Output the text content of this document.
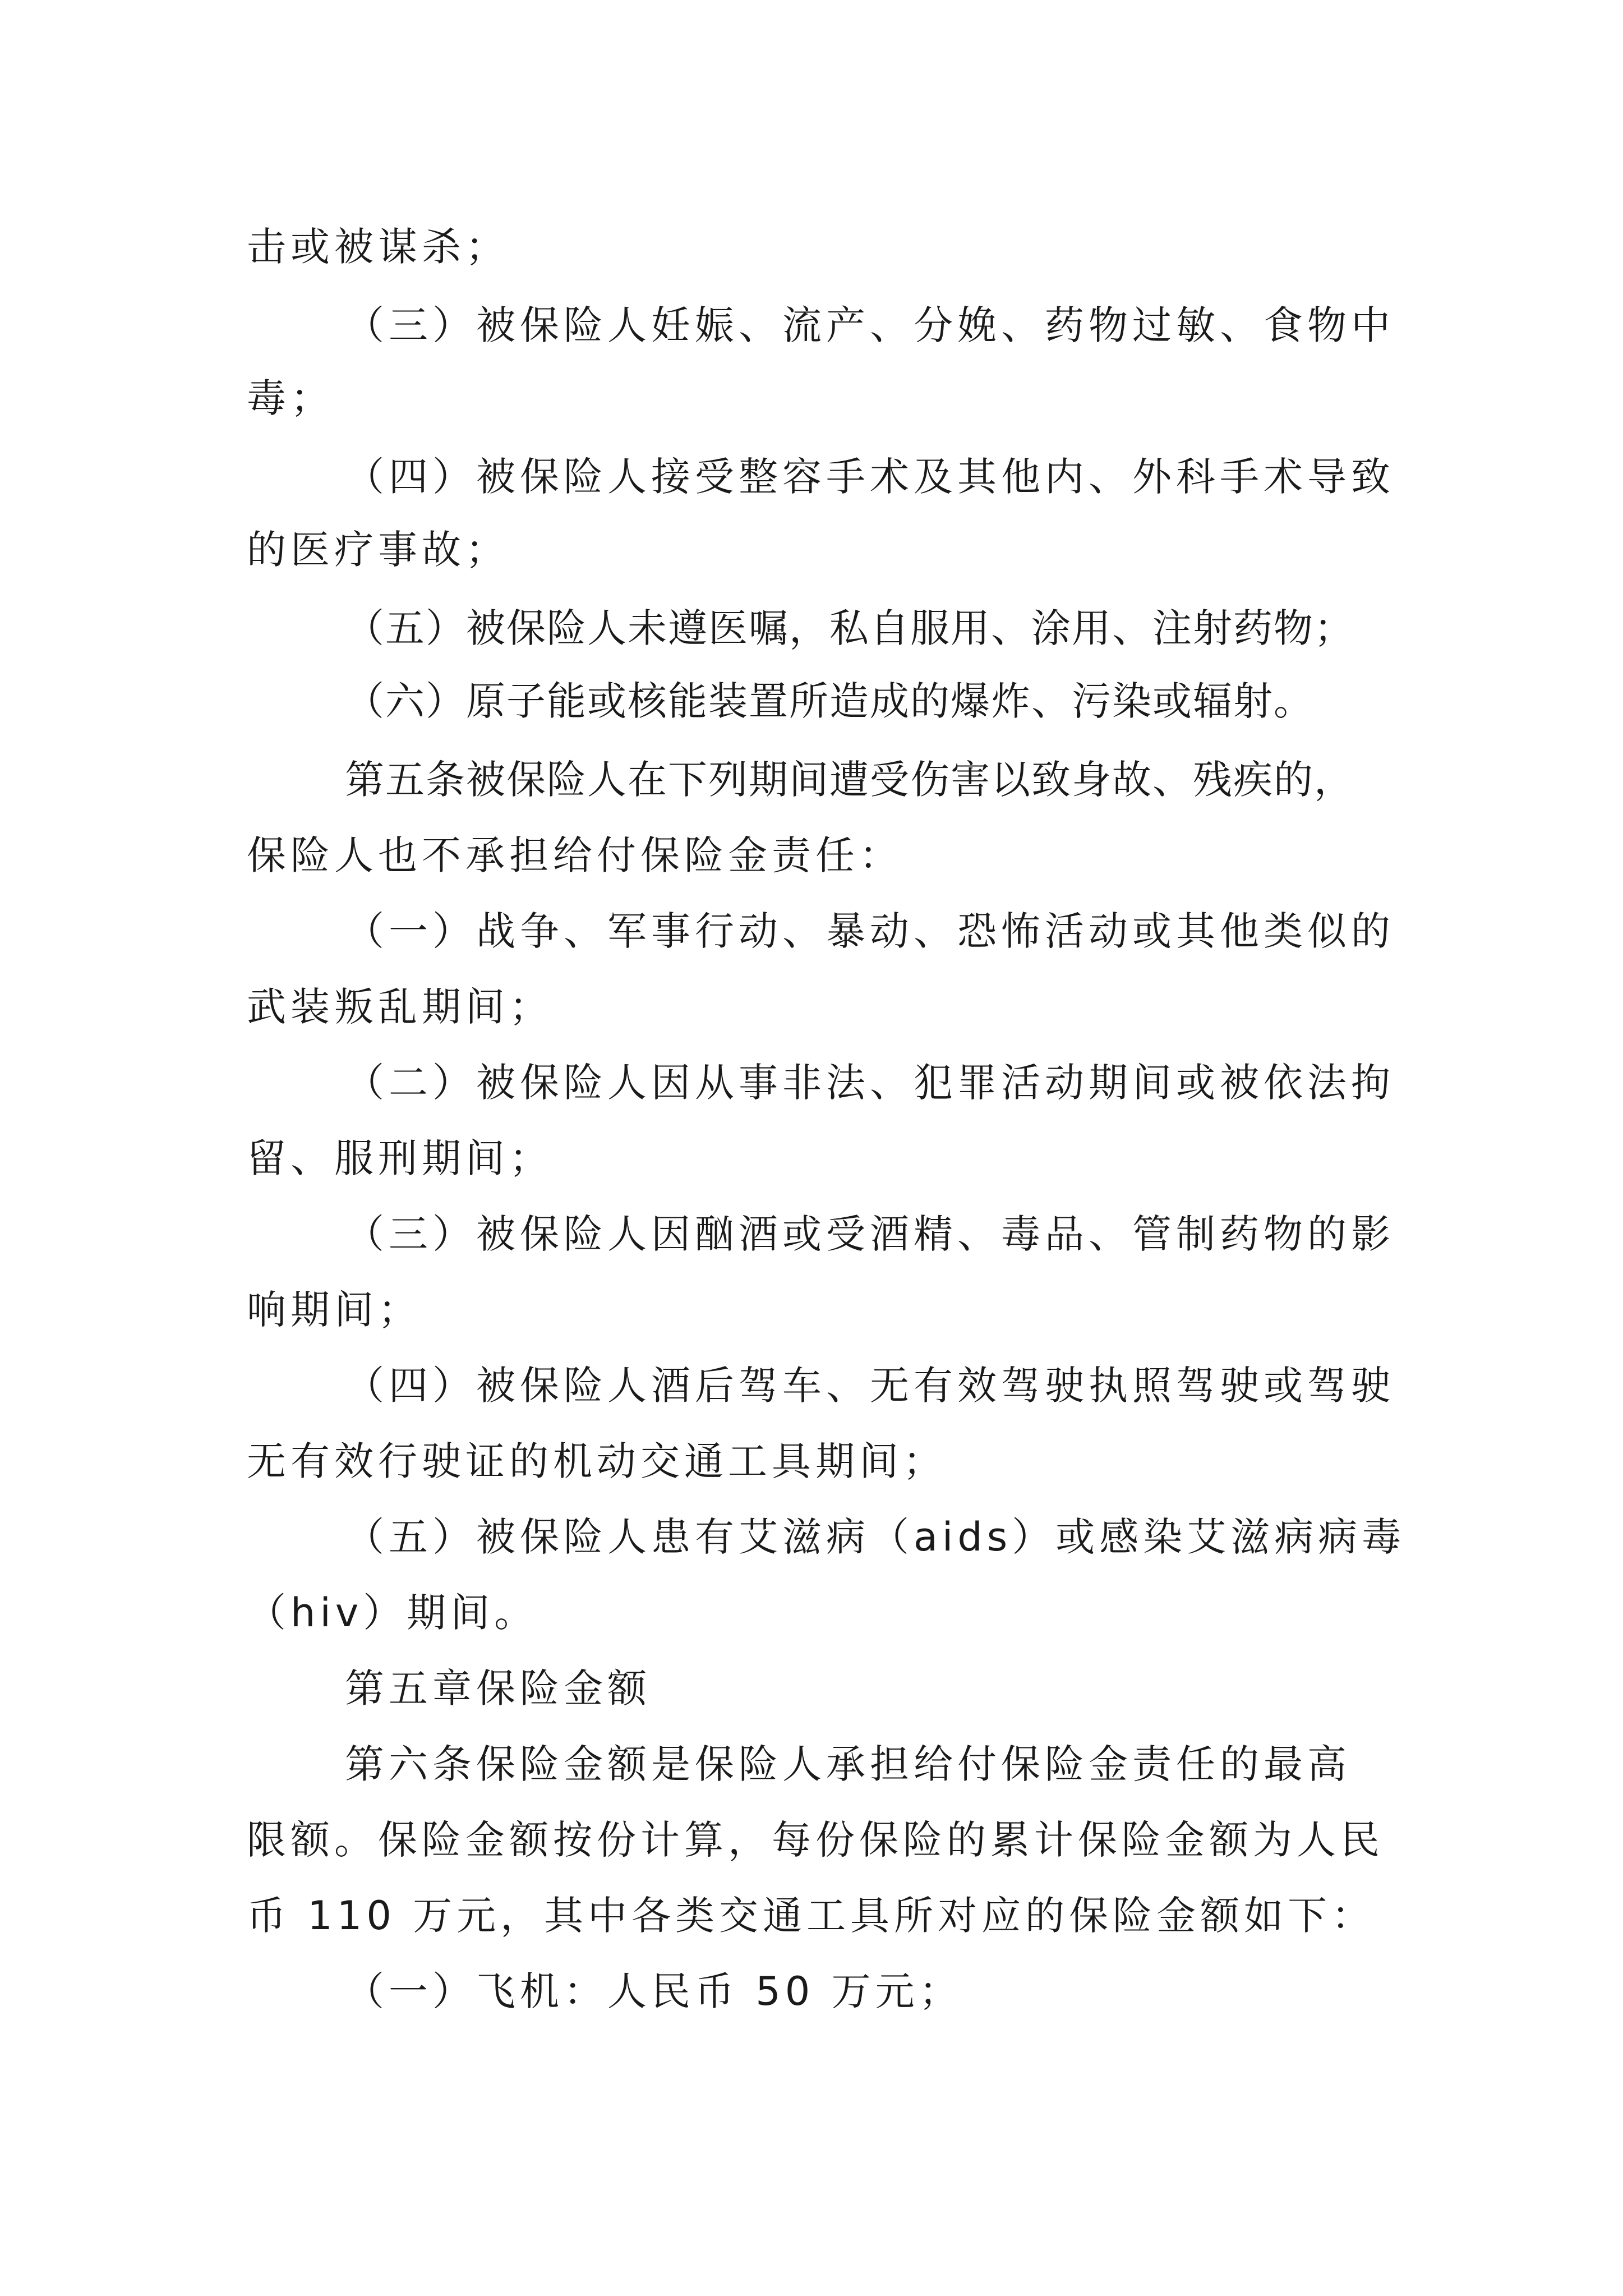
击或被谋杀；
（三）被保险人妊娠、流产、分娩、药物过敏、食物中
毒；
（四）被保险人接受整容手术及其他内、外科手术导致
的医疗事故；
（五）被保险人未遵医嘱，私自服用、涂用、注射药物；
（六）原子能或核能装置所造成的爆炸、污染或辐射。
第五条被保险人在下列期间遭受伤害以致身故、残疾的，
保险人也不承担给付保险金责任：
（一）战争、军事行动、暴动、恐怖活动或其他类似的
武装叛乱期间；
（二）被保险人因从事非法、犯罪活动期间或被依法拘
留、服刑期间；
（三）被保险人因酗酒或受酒精、毒品、管制药物的影
响期间；
（四）被保险人酒后驾车、无有效驾驶执照驾驶或驾驶
无有效行驶证的机动交通工具期间；
（五）被保险人患有艾滋病（aids）或感染艾滋病病毒
（hiv）期间。
第五章保险金额
第六条保险金额是保险人承担给付保险金责任的最高
限额。保险金额按份计算，每份保险的累计保险金额为人民
币 110 万元，其中各类交通工具所对应的保险金额如下：
（一）飞机：人民币 50 万元；
